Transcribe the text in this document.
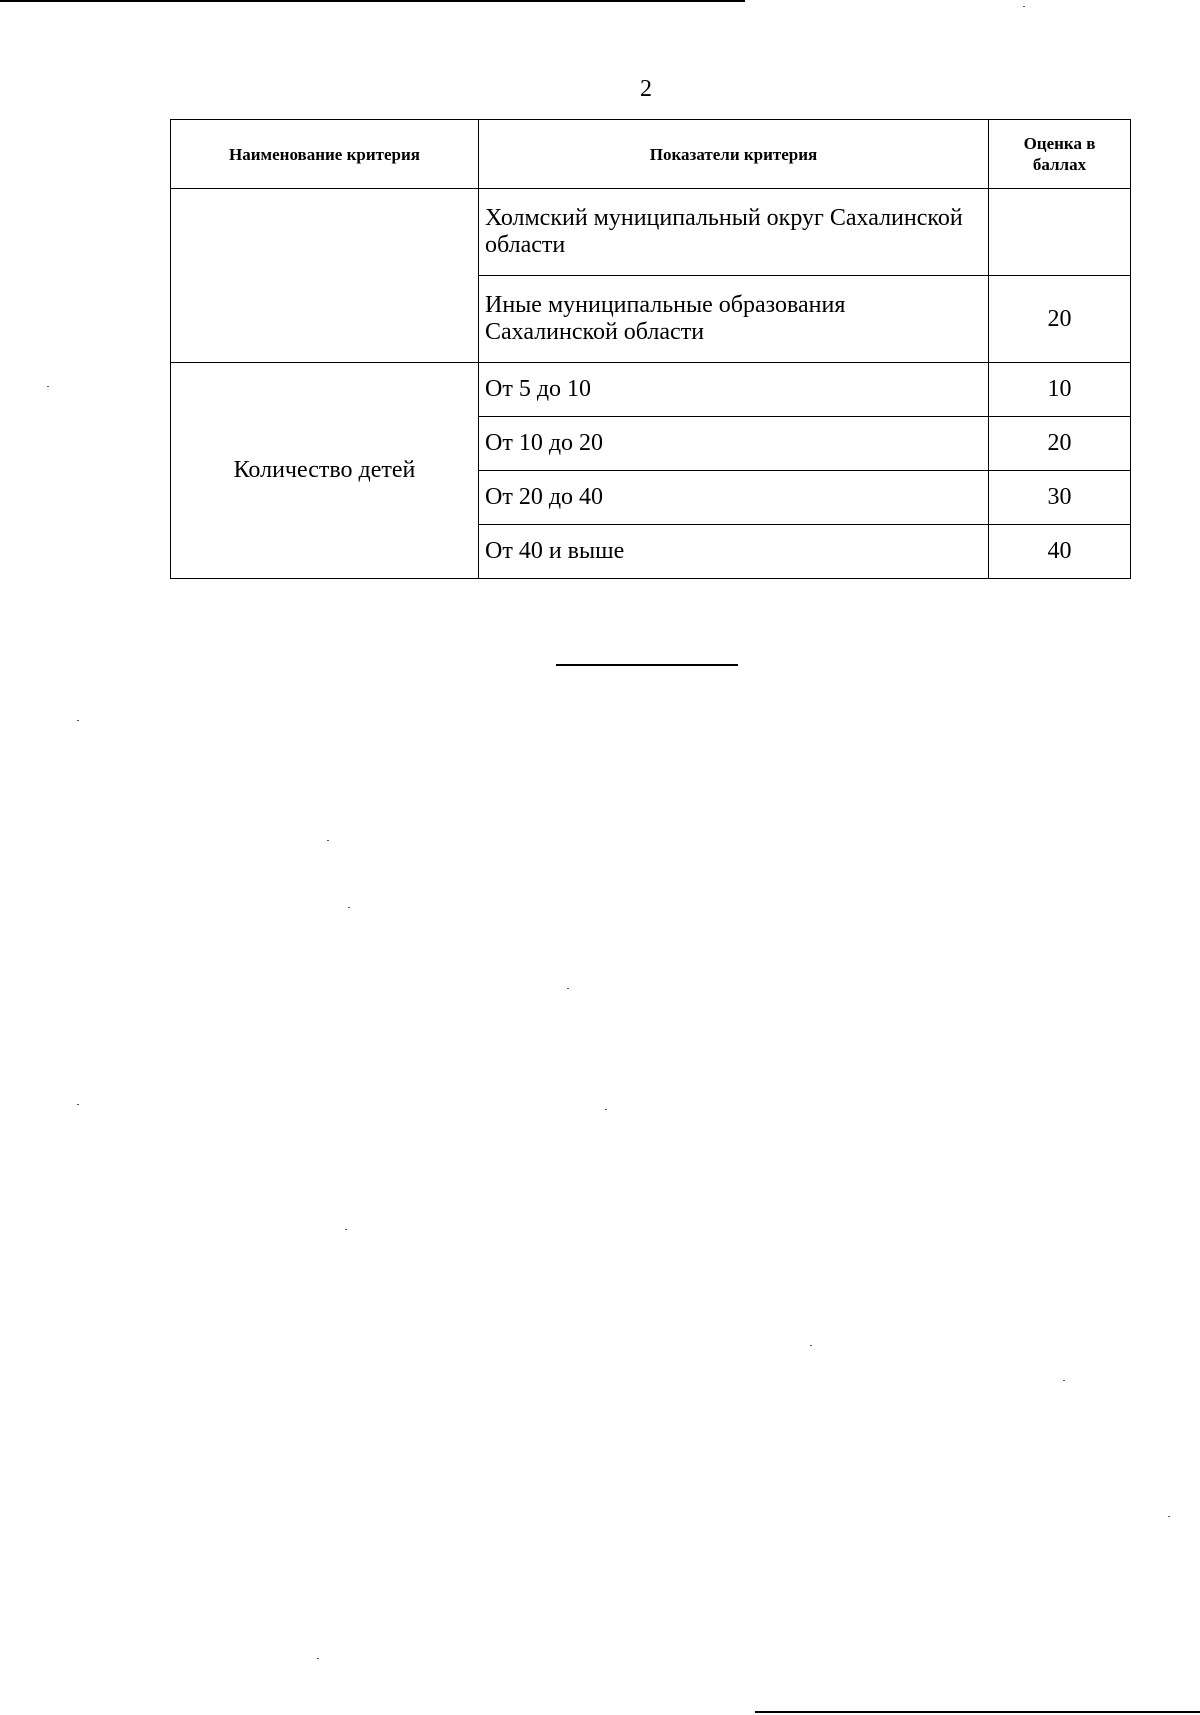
2
Наименование критерия	Показатели критерия	Оценка в баллах
	Холмский муниципальный округ Сахалинской области	
	Иные муниципальные образования Сахалинской области	20
Количество детей	От 5 до 10	10
	От 10 до 20	20
	От 20 до 40	30
	От 40 и выше	40
